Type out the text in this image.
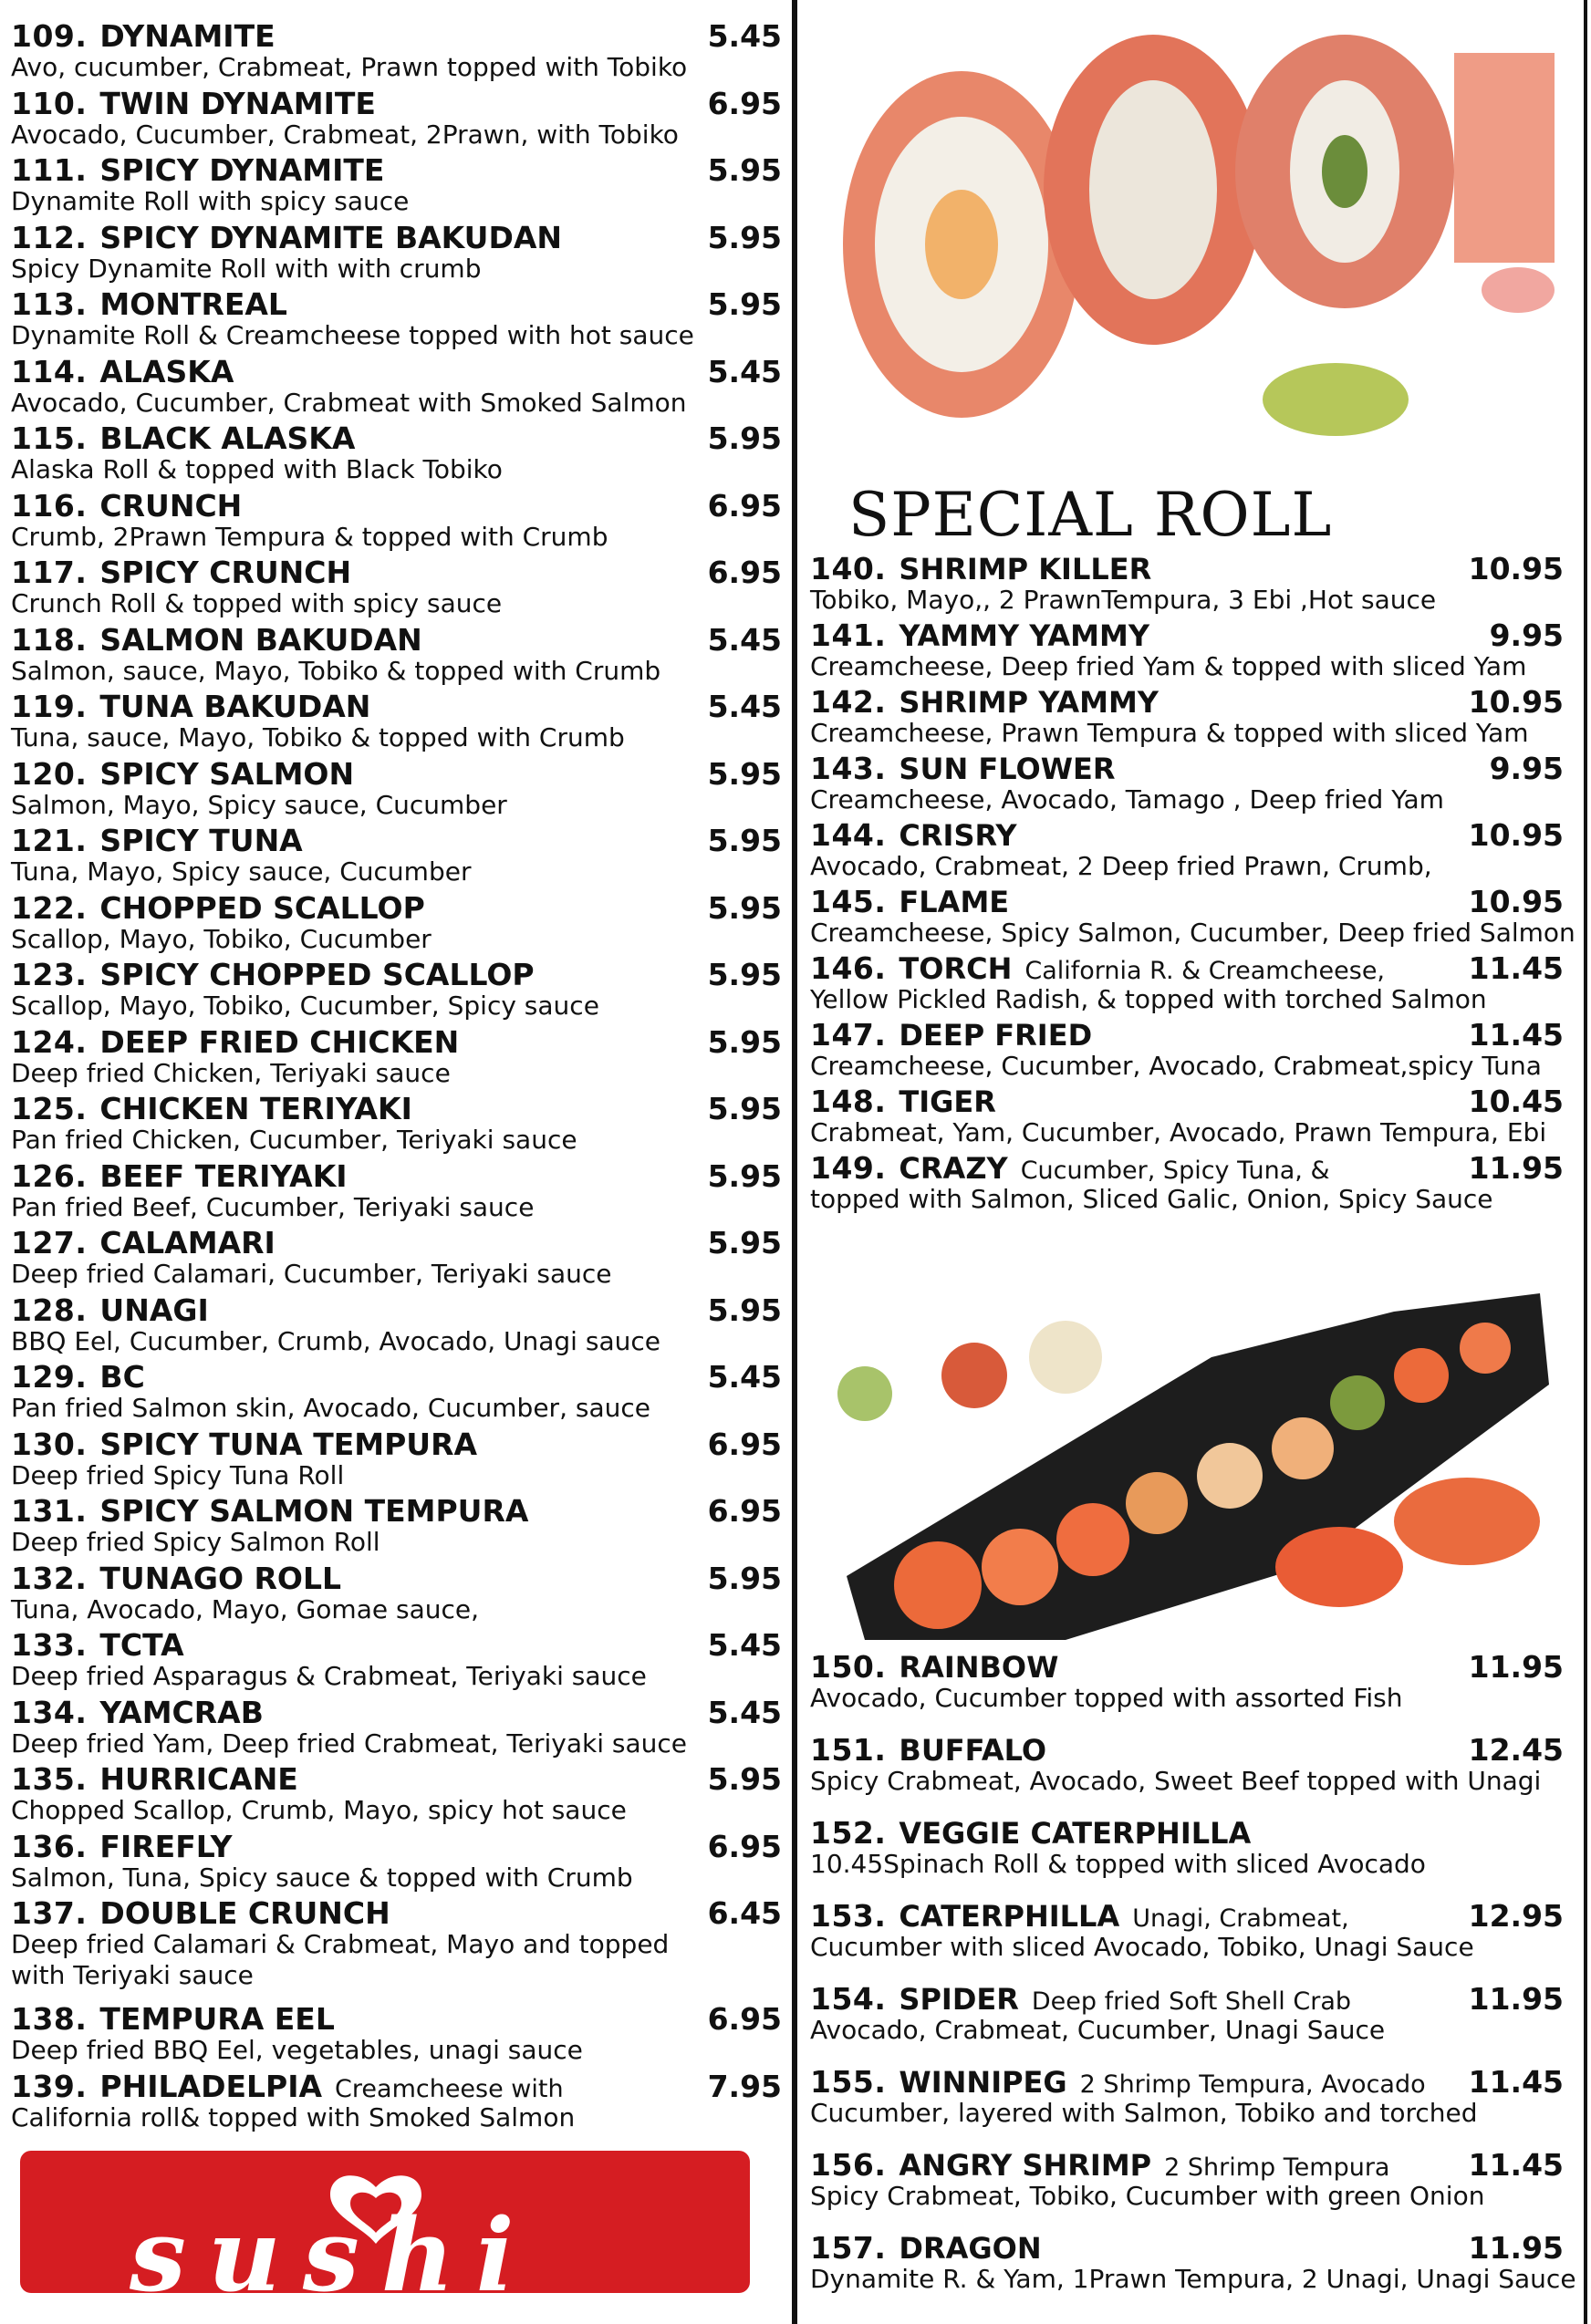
109. DYNAMITE	5.45
Avo, cucumber, Crabmeat, Prawn topped with Tobiko
110. TWIN DYNAMITE	6.95
Avocado, Cucumber, Crabmeat, 2Prawn, with Tobiko
111. SPICY DYNAMITE	5.95
Dynamite Roll with spicy sauce
112. SPICY DYNAMITE BAKUDAN	5.95
Spicy Dynamite Roll with with crumb
113. MONTREAL	5.95
Dynamite Roll & Creamcheese topped with hot sauce
114. ALASKA	5.45
Avocado, Cucumber, Crabmeat with Smoked Salmon
115. BLACK ALASKA	5.95
Alaska Roll & topped with Black Tobiko
116. CRUNCH	6.95
Crumb, 2Prawn Tempura & topped with Crumb
117. SPICY CRUNCH	6.95
Crunch Roll & topped with spicy sauce
118. SALMON BAKUDAN	5.45
Salmon, sauce, Mayo, Tobiko & topped with Crumb
119. TUNA BAKUDAN	5.45
Tuna, sauce, Mayo, Tobiko & topped with Crumb
120. SPICY SALMON	5.95
Salmon, Mayo, Spicy sauce, Cucumber
121. SPICY TUNA	5.95
Tuna, Mayo, Spicy sauce, Cucumber
122. CHOPPED SCALLOP	5.95
Scallop, Mayo, Tobiko, Cucumber
123. SPICY CHOPPED SCALLOP	5.95
Scallop, Mayo, Tobiko, Cucumber, Spicy sauce
124. DEEP FRIED CHICKEN	5.95
Deep fried Chicken, Teriyaki sauce
125. CHICKEN TERIYAKI	5.95
Pan fried Chicken, Cucumber, Teriyaki sauce
126. BEEF TERIYAKI	5.95
Pan fried Beef, Cucumber, Teriyaki sauce
127. CALAMARI	5.95
Deep fried Calamari, Cucumber, Teriyaki sauce
128. UNAGI	5.95
BBQ Eel, Cucumber, Crumb, Avocado, Unagi sauce
129. BC	5.45
Pan fried Salmon skin, Avocado, Cucumber, sauce
130. SPICY TUNA TEMPURA	6.95
Deep fried Spicy Tuna Roll
131. SPICY SALMON TEMPURA	6.95
Deep fried Spicy Salmon Roll
132. TUNAGO ROLL	5.95
Tuna, Avocado, Mayo, Gomae sauce,
133. TCTA	5.45
Deep fried Asparagus & Crabmeat, Teriyaki sauce
134. YAMCRAB	5.45
Deep fried Yam, Deep fried Crabmeat, Teriyaki sauce
135. HURRICANE	5.95
Chopped Scallop, Crumb, Mayo, spicy hot sauce
136. FIREFLY	6.95
Salmon, Tuna, Spicy sauce & topped with Crumb
137. DOUBLE CRUNCH	6.45
Deep fried Calamari & Crabmeat, Mayo and topped
with Teriyaki sauce
138. TEMPURA EEL	6.95
Deep fried BBQ Eel, vegetables, unagi sauce
139. PHILADELPIA Creamcheese with	7.95
California roll& topped with Smoked Salmon
SPECIAL ROLL
140. SHRIMP KILLER	10.95
Tobiko, Mayo,, 2 PrawnTempura, 3 Ebi ,Hot sauce
141. YAMMY YAMMY	9.95
Creamcheese, Deep fried Yam & topped with sliced Yam
142. SHRIMP YAMMY	10.95
Creamcheese, Prawn Tempura & topped with sliced Yam
143. SUN FLOWER	9.95
Creamcheese, Avocado, Tamago , Deep fried Yam
144. CRISRY	10.95
Avocado, Crabmeat, 2 Deep fried Prawn, Crumb,
145. FLAME	10.95
Creamcheese, Spicy Salmon, Cucumber, Deep fried Salmon
146. TORCH California R. & Creamcheese,	11.45
Yellow Pickled Radish, & topped with torched Salmon
147. DEEP FRIED	11.45
Creamcheese, Cucumber, Avocado, Crabmeat,spicy Tuna
148. TIGER	10.45
Crabmeat, Yam, Cucumber, Avocado, Prawn Tempura, Ebi
149. CRAZY Cucumber, Spicy Tuna, &	11.95
topped with Salmon, Sliced Galic, Onion, Spicy Sauce
150. RAINBOW	11.95
Avocado, Cucumber topped with assorted Fish
151. BUFFALO	12.45
Spicy Crabmeat, Avocado, Sweet Beef topped with Unagi
152. VEGGIE CATERPHILLA
10.45Spinach Roll & topped with sliced Avocado
153. CATERPHILLA Unagi, Crabmeat,	12.95
Cucumber with sliced Avocado, Tobiko, Unagi Sauce
154. SPIDER Deep fried Soft Shell Crab	11.95
Avocado, Crabmeat, Cucumber, Unagi Sauce
155. WINNIPEG 2 Shrimp Tempura, Avocado 11.45
Cucumber, layered with Salmon, Tobiko and torched
156. ANGRY SHRIMP 2 Shrimp Tempura	11.45
Spicy Crabmeat, Tobiko, Cucumber with green Onion
157. DRAGON	11.95
Dynamite R. & Yam, 1Prawn Tempura, 2 Unagi, Unagi Sauce
sushi
